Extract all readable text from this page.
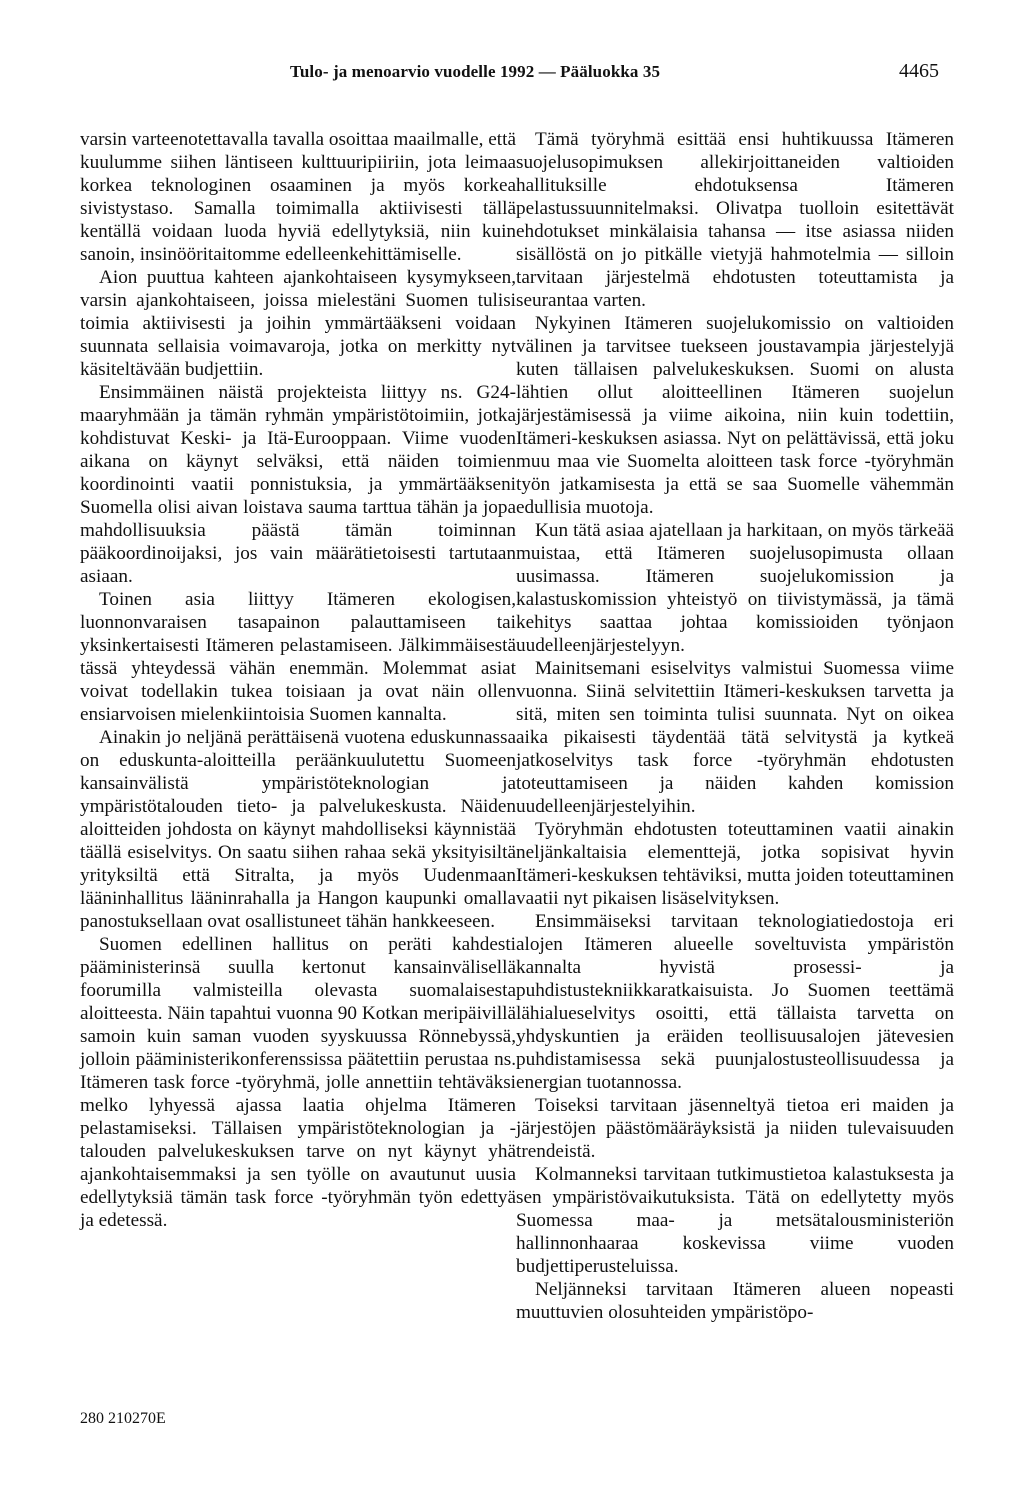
Tulo- ja menoarvio vuodelle 1992 — Pääluokka 35	4465

varsin varteenotettavalla tavalla osoittaa maailmalle, että kuulumme siihen läntiseen kulttuuripiiriin, jota leimaa korkea teknologinen osaaminen ja myös korkea sivistystaso. Samalla toimimalla aktiivisesti tällä kentällä voidaan luoda hyviä edellytyksiä, niin kuin sanoin, insinööritaitomme edelleenkehittämiselle.

Aion puuttua kahteen ajankohtaiseen kysymykseen, varsin ajankohtaiseen, joissa mielestäni Suomen tulisi toimia aktiivisesti ja joihin ymmärtääkseni voidaan suunnata sellaisia voimavaroja, jotka on merkitty nyt käsiteltävään budjettiin.

Ensimmäinen näistä projekteista liittyy ns. G24-maaryhmään ja tämän ryhmän ympäristötoimiin, jotka kohdistuvat Keski- ja Itä-Eurooppaan. Viime vuoden aikana on käynyt selväksi, että näiden toimien koordinointi vaatii ponnistuksia, ja ymmärtääkseni Suomella olisi aivan loistava sauma tarttua tähän ja jopa mahdollisuuksia päästä tämän toiminnan pääkoordinoijaksi, jos vain määrätietoisesti tartutaan asiaan.

Toinen asia liittyy Itämeren ekologisen, luonnonvaraisen tasapainon palauttamiseen tai yksinkertaisesti Itämeren pelastamiseen. Jälkimmäisestä tässä yhteydessä vähän enemmän. Molemmat asiat voivat todellakin tukea toisiaan ja ovat näin ollen ensiarvoisen mielenkiintoisia Suomen kannalta.

Ainakin jo neljänä perättäisenä vuotena eduskunnassa on eduskunta-aloitteilla peräänkuulutettu Suomeen kansainvälistä ympäristöteknologian ja ympäristötalouden tieto- ja palvelukeskusta. Näiden aloitteiden johdosta on käynyt mahdolliseksi käynnistää täällä esiselvitys. On saatu siihen rahaa sekä yksityisiltä yrityksiltä että Sitralta, ja myös Uudenmaan lääninhallitus lääninrahalla ja Hangon kaupunki omalla panostuksellaan ovat osallistuneet tähän hankkeeseen.

Suomen edellinen hallitus on peräti kahdesti pääministerinsä suulla kertonut kansainvälisellä foorumilla valmisteilla olevasta suomalaisesta aloitteesta. Näin tapahtui vuonna 90 Kotkan meripäivillä samoin kuin saman vuoden syyskuussa Rönnebyssä, jolloin pääministerikonferenssissa päätettiin perustaa ns. Itämeren task force -työryhmä, jolle annettiin tehtäväksi melko lyhyessä ajassa laatia ohjelma Itämeren pelastamiseksi. Tällaisen ympäristöteknologian ja -talouden palvelukeskuksen tarve on nyt käynyt yhä ajankohtaisemmaksi ja sen työlle on avautunut uusia edellytyksiä tämän task force -työryhmän työn edettyä ja edetessä.

Tämä työryhmä esittää ensi huhtikuussa Itämeren suojelusopimuksen allekirjoittaneiden valtioiden hallituksille ehdotuksensa Itämeren pelastussuunnitelmaksi. Olivatpa tuolloin esitettävät ehdotukset minkälaisia tahansa — itse asiassa niiden sisällöstä on jo pitkälle vietyjä hahmotelmia — silloin tarvitaan järjestelmä ehdotusten toteuttamista ja seurantaa varten.

Nykyinen Itämeren suojelukomissio on valtioiden välinen ja tarvitsee tuekseen joustavampia järjestelyjä kuten tällaisen palvelukeskuksen. Suomi on alusta lähtien ollut aloitteellinen Itämeren suojelun järjestämisessä ja viime aikoina, niin kuin todettiin, Itämeri-keskuksen asiassa. Nyt on pelättävissä, että joku muu maa vie Suomelta aloitteen task force -työryhmän työn jatkamisesta ja että se saa Suomelle vähemmän edullisia muotoja.

Kun tätä asiaa ajatellaan ja harkitaan, on myös tärkeää muistaa, että Itämeren suojelusopimusta ollaan uusimassa. Itämeren suojelukomission ja kalastuskomission yhteistyö on tiivistymässä, ja tämä kehitys saattaa johtaa komissioiden työnjaon uudelleenjärjestelyyn.

Mainitsemani esiselvitys valmistui Suomessa viime vuonna. Siinä selvitettiin Itämeri-keskuksen tarvetta ja sitä, miten sen toiminta tulisi suunnata. Nyt on oikea aika pikaisesti täydentää tätä selvitystä ja kytkeä jatkoselvitys task force -työryhmän ehdotusten toteuttamiseen ja näiden kahden komission uudelleenjärjestelyihin.

Työryhmän ehdotusten toteuttaminen vaatii ainakin neljänkaltaisia elementtejä, jotka sopisivat hyvin Itämeri-keskuksen tehtäviksi, mutta joiden toteuttaminen vaatii nyt pikaisen lisäselvityksen.

Ensimmäiseksi tarvitaan teknologiatiedostoja eri alojen Itämeren alueelle soveltuvista ympäristön kannalta hyvistä prosessi- ja puhdistustekniikkaratkaisuista. Jo Suomen teettämä lähialueselvitys osoitti, että tällaista tarvetta on yhdyskuntien ja eräiden teollisuusalojen jätevesien puhdistamisessa sekä puunjalostusteollisuudessa ja energian tuotannossa.

Toiseksi tarvitaan jäsenneltyä tietoa eri maiden ja järjestöjen päästömääräyksistä ja niiden tulevaisuuden trendeistä.

Kolmanneksi tarvitaan tutkimustietoa kalastuksesta ja sen ympäristövaikutuksista. Tätä on edellytetty myös Suomessa maa- ja metsätalousministeriön hallinnonhaaraa koskevissa viime vuoden budjettiperusteluissa.

Neljänneksi tarvitaan Itämeren alueen nopeasti muuttuvien olosuhteiden ympäristöpo-

280 210270E
